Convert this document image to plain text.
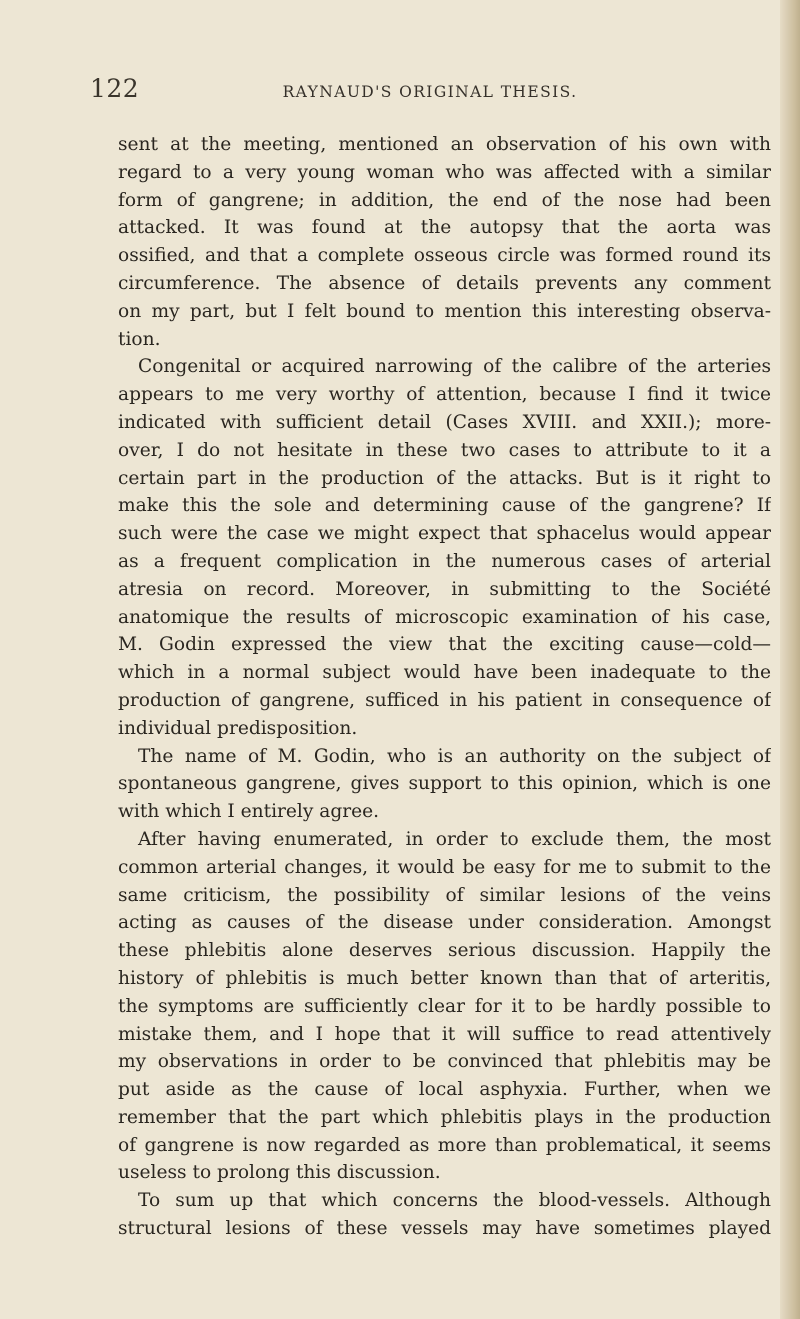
122	RAYNAUD'S ORIGINAL THESIS.
sent at the meeting, mentioned an observation of his own with
regard to a very young woman who was affected with a similar
form of gangrene; in addition, the end of the nose had been
attacked. It was found at the autopsy that the aorta was
ossified, and that a complete osseous circle was formed round its
circumference. The absence of details prevents any comment
on my part, but I felt bound to mention this interesting observa-
tion.
Congenital or acquired narrowing of the calibre of the arteries
appears to me very worthy of attention, because I find it twice
indicated with sufficient detail (Cases XVIII. and XXII.); more-
over, I do not hesitate in these two cases to attribute to it a
certain part in the production of the attacks. But is it right to
make this the sole and determining cause of the gangrene? If
such were the case we might expect that sphacelus would appear
as a frequent complication in the numerous cases of arterial
atresia on record. Moreover, in submitting to the Société
anatomique the results of microscopic examination of his case,
M. Godin expressed the view that the exciting cause—cold—
which in a normal subject would have been inadequate to the
production of gangrene, sufficed in his patient in consequence of
individual predisposition.
The name of M. Godin, who is an authority on the subject of
spontaneous gangrene, gives support to this opinion, which is one
with which I entirely agree.
After having enumerated, in order to exclude them, the most
common arterial changes, it would be easy for me to submit to the
same criticism, the possibility of similar lesions of the veins
acting as causes of the disease under consideration. Amongst
these phlebitis alone deserves serious discussion. Happily the
history of phlebitis is much better known than that of arteritis,
the symptoms are sufficiently clear for it to be hardly possible to
mistake them, and I hope that it will suffice to read attentively
my observations in order to be convinced that phlebitis may be
put aside as the cause of local asphyxia. Further, when we
remember that the part which phlebitis plays in the production
of gangrene is now regarded as more than problematical, it seems
useless to prolong this discussion.
To sum up that which concerns the blood-vessels. Although
structural lesions of these vessels may have sometimes played
